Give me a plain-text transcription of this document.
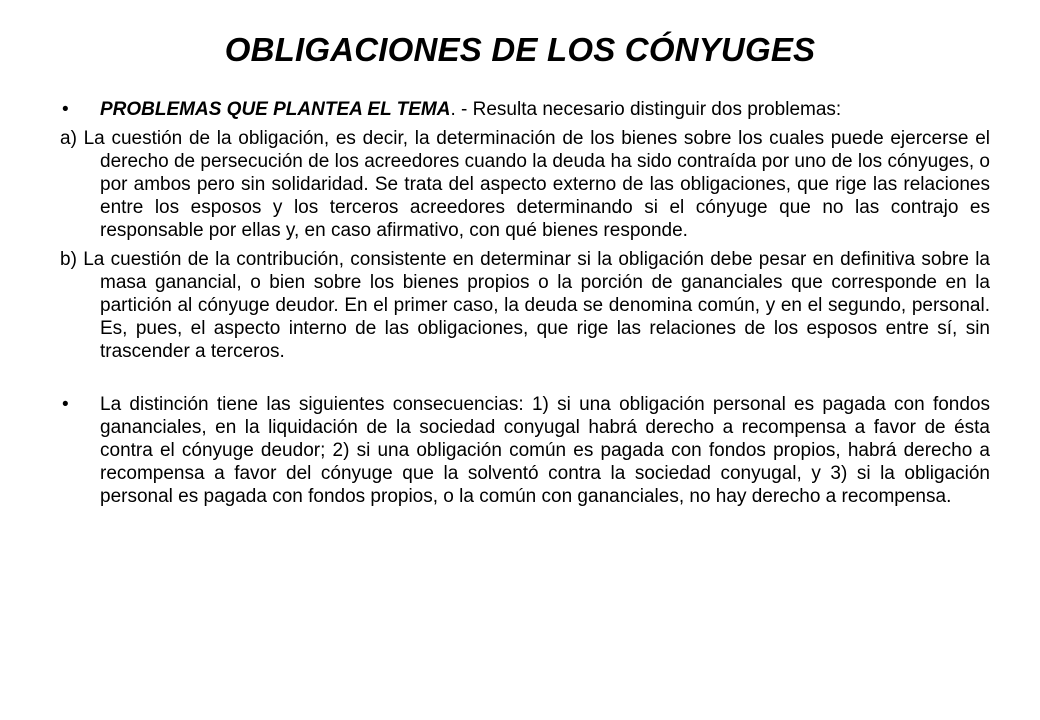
OBLIGACIONES DE LOS CÓNYUGES
• PROBLEMAS QUE PLANTEA EL TEMA. - Resulta necesario distinguir dos problemas:
a) La cuestión de la obligación, es decir, la determinación de los bienes sobre los cuales puede ejercerse el derecho de persecución de los acreedores cuando la deuda ha sido contraída por uno de los cónyuges, o por ambos pero sin solidaridad. Se trata del aspecto externo de las obligaciones, que rige las relaciones entre los esposos y los terceros acreedores determinando si el cónyuge que no las contrajo es responsable por ellas y, en caso afirmativo, con qué bienes responde.
b) La cuestión de la contribución, consistente en determinar si la obligación debe pesar en definitiva sobre la masa ganancial, o bien sobre los bienes propios o la porción de gananciales que corresponde en la partición al cónyuge deudor. En el primer caso, la deuda se denomina común, y en el segundo, personal. Es, pues, el aspecto interno de las obligaciones, que rige las relaciones de los esposos entre sí, sin trascender a terceros.
• La distinción tiene las siguientes consecuencias: 1) si una obligación personal es pagada con fondos gananciales, en la liquidación de la sociedad conyugal habrá derecho a recompensa a favor de ésta contra el cónyuge deudor; 2) si una obligación común es pagada con fondos propios, habrá derecho a recompensa a favor del cónyuge que la solventó contra la sociedad conyugal, y 3) si la obligación personal es pagada con fondos propios, o la común con gananciales, no hay derecho a recompensa.
